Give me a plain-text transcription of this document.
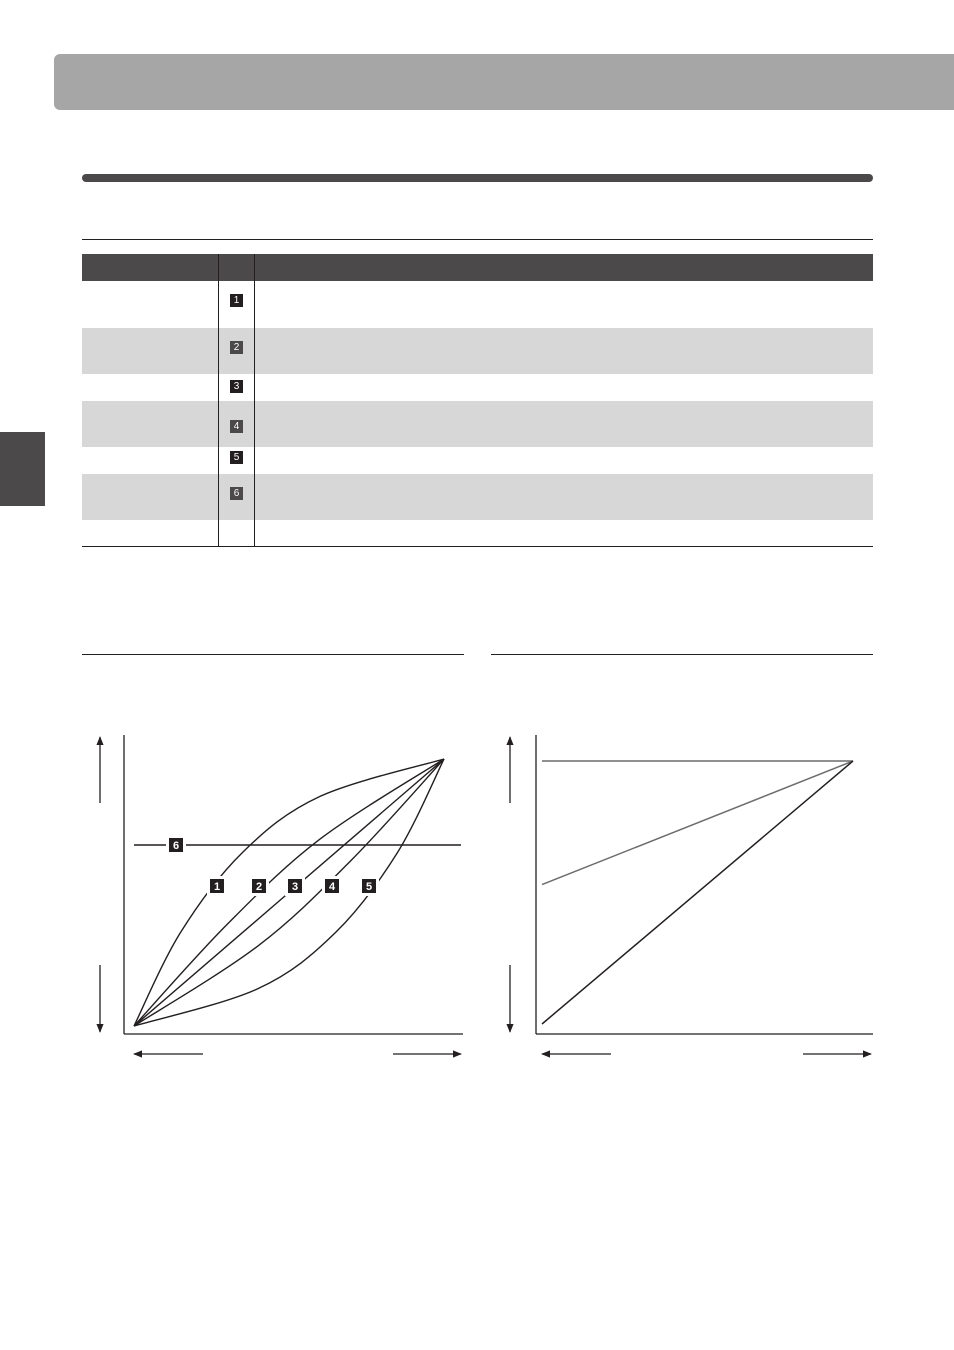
1
2
3
4
5
6
1	2	3	4	5
6
